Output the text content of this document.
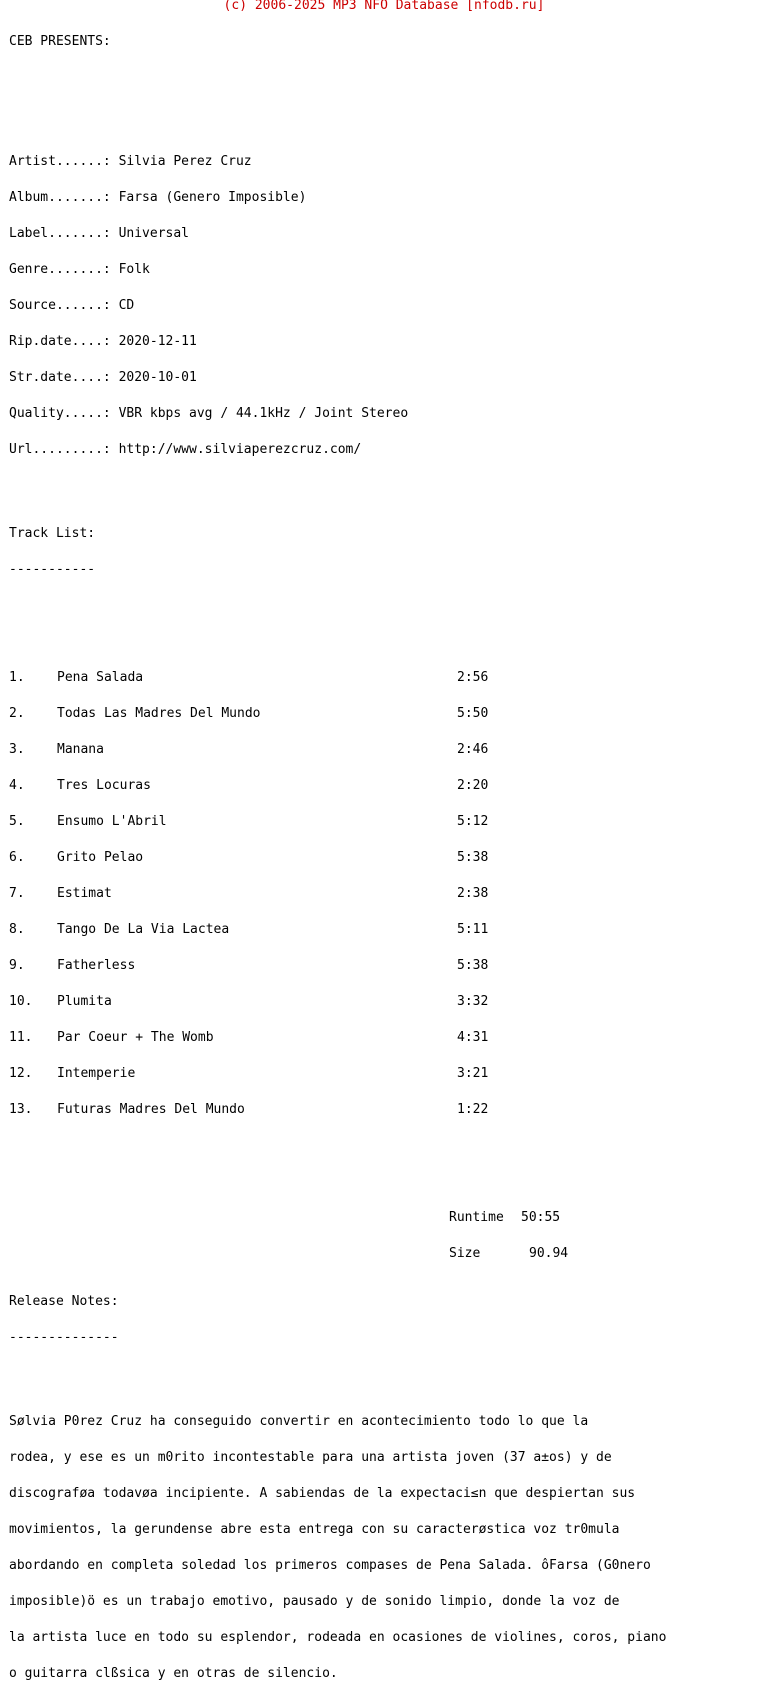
(c) 2006-2025 MP3 NFO Database [nfodb.ru]

CEB PRESENTS:

Artist......: Silvia Perez Cruz

Album.......: Farsa (Genero Imposible)

Label.......: Universal

Genre.......: Folk

Source......: CD

Rip.date....: 2020-12-11

Str.date....: 2020-10-01

Quality.....: VBR kbps avg / 44.1kHz / Joint Stereo

Url.........: http://www.silviaperezcruz.com/

Track List:

-----------

1. Pena Salada	2:56

2. Todas Las Madres Del Mundo	5:50

3. Manana	2:46

4. Tres Locuras	2:20

5. Ensumo L'Abril	5:12

6. Grito Pelao	5:38

7. Estimat	2:38

8. Tango De La Via Lactea	5:11

9. Fatherless	5:38

10. Plumita	3:32

11. Par Coeur + The Womb	4:31

12. Intemperie	3:21

13. Futuras Madres Del Mundo	1:22

Runtime 50:55

Size	90.94

Release Notes:

--------------

Sølvia P0rez Cruz ha conseguido convertir en acontecimiento todo lo que la

rodea, y ese es un m0rito incontestable para una artista joven (37 a±os) y de

discograføa todavøa incipiente. A sabiendas de la expectaci≤n que despiertan sus

movimientos, la gerundense abre esta entrega con su caracterøstica voz tr0mula

abordando en completa soledad los primeros compases de Pena Salada. ôFarsa (G0nero

imposible)ö es un trabajo emotivo, pausado y de sonido limpio, donde la voz de

la artista luce en todo su esplendor, rodeada en ocasiones de violines, coros, piano

o guitarra clßsica y en otras de silencio.
